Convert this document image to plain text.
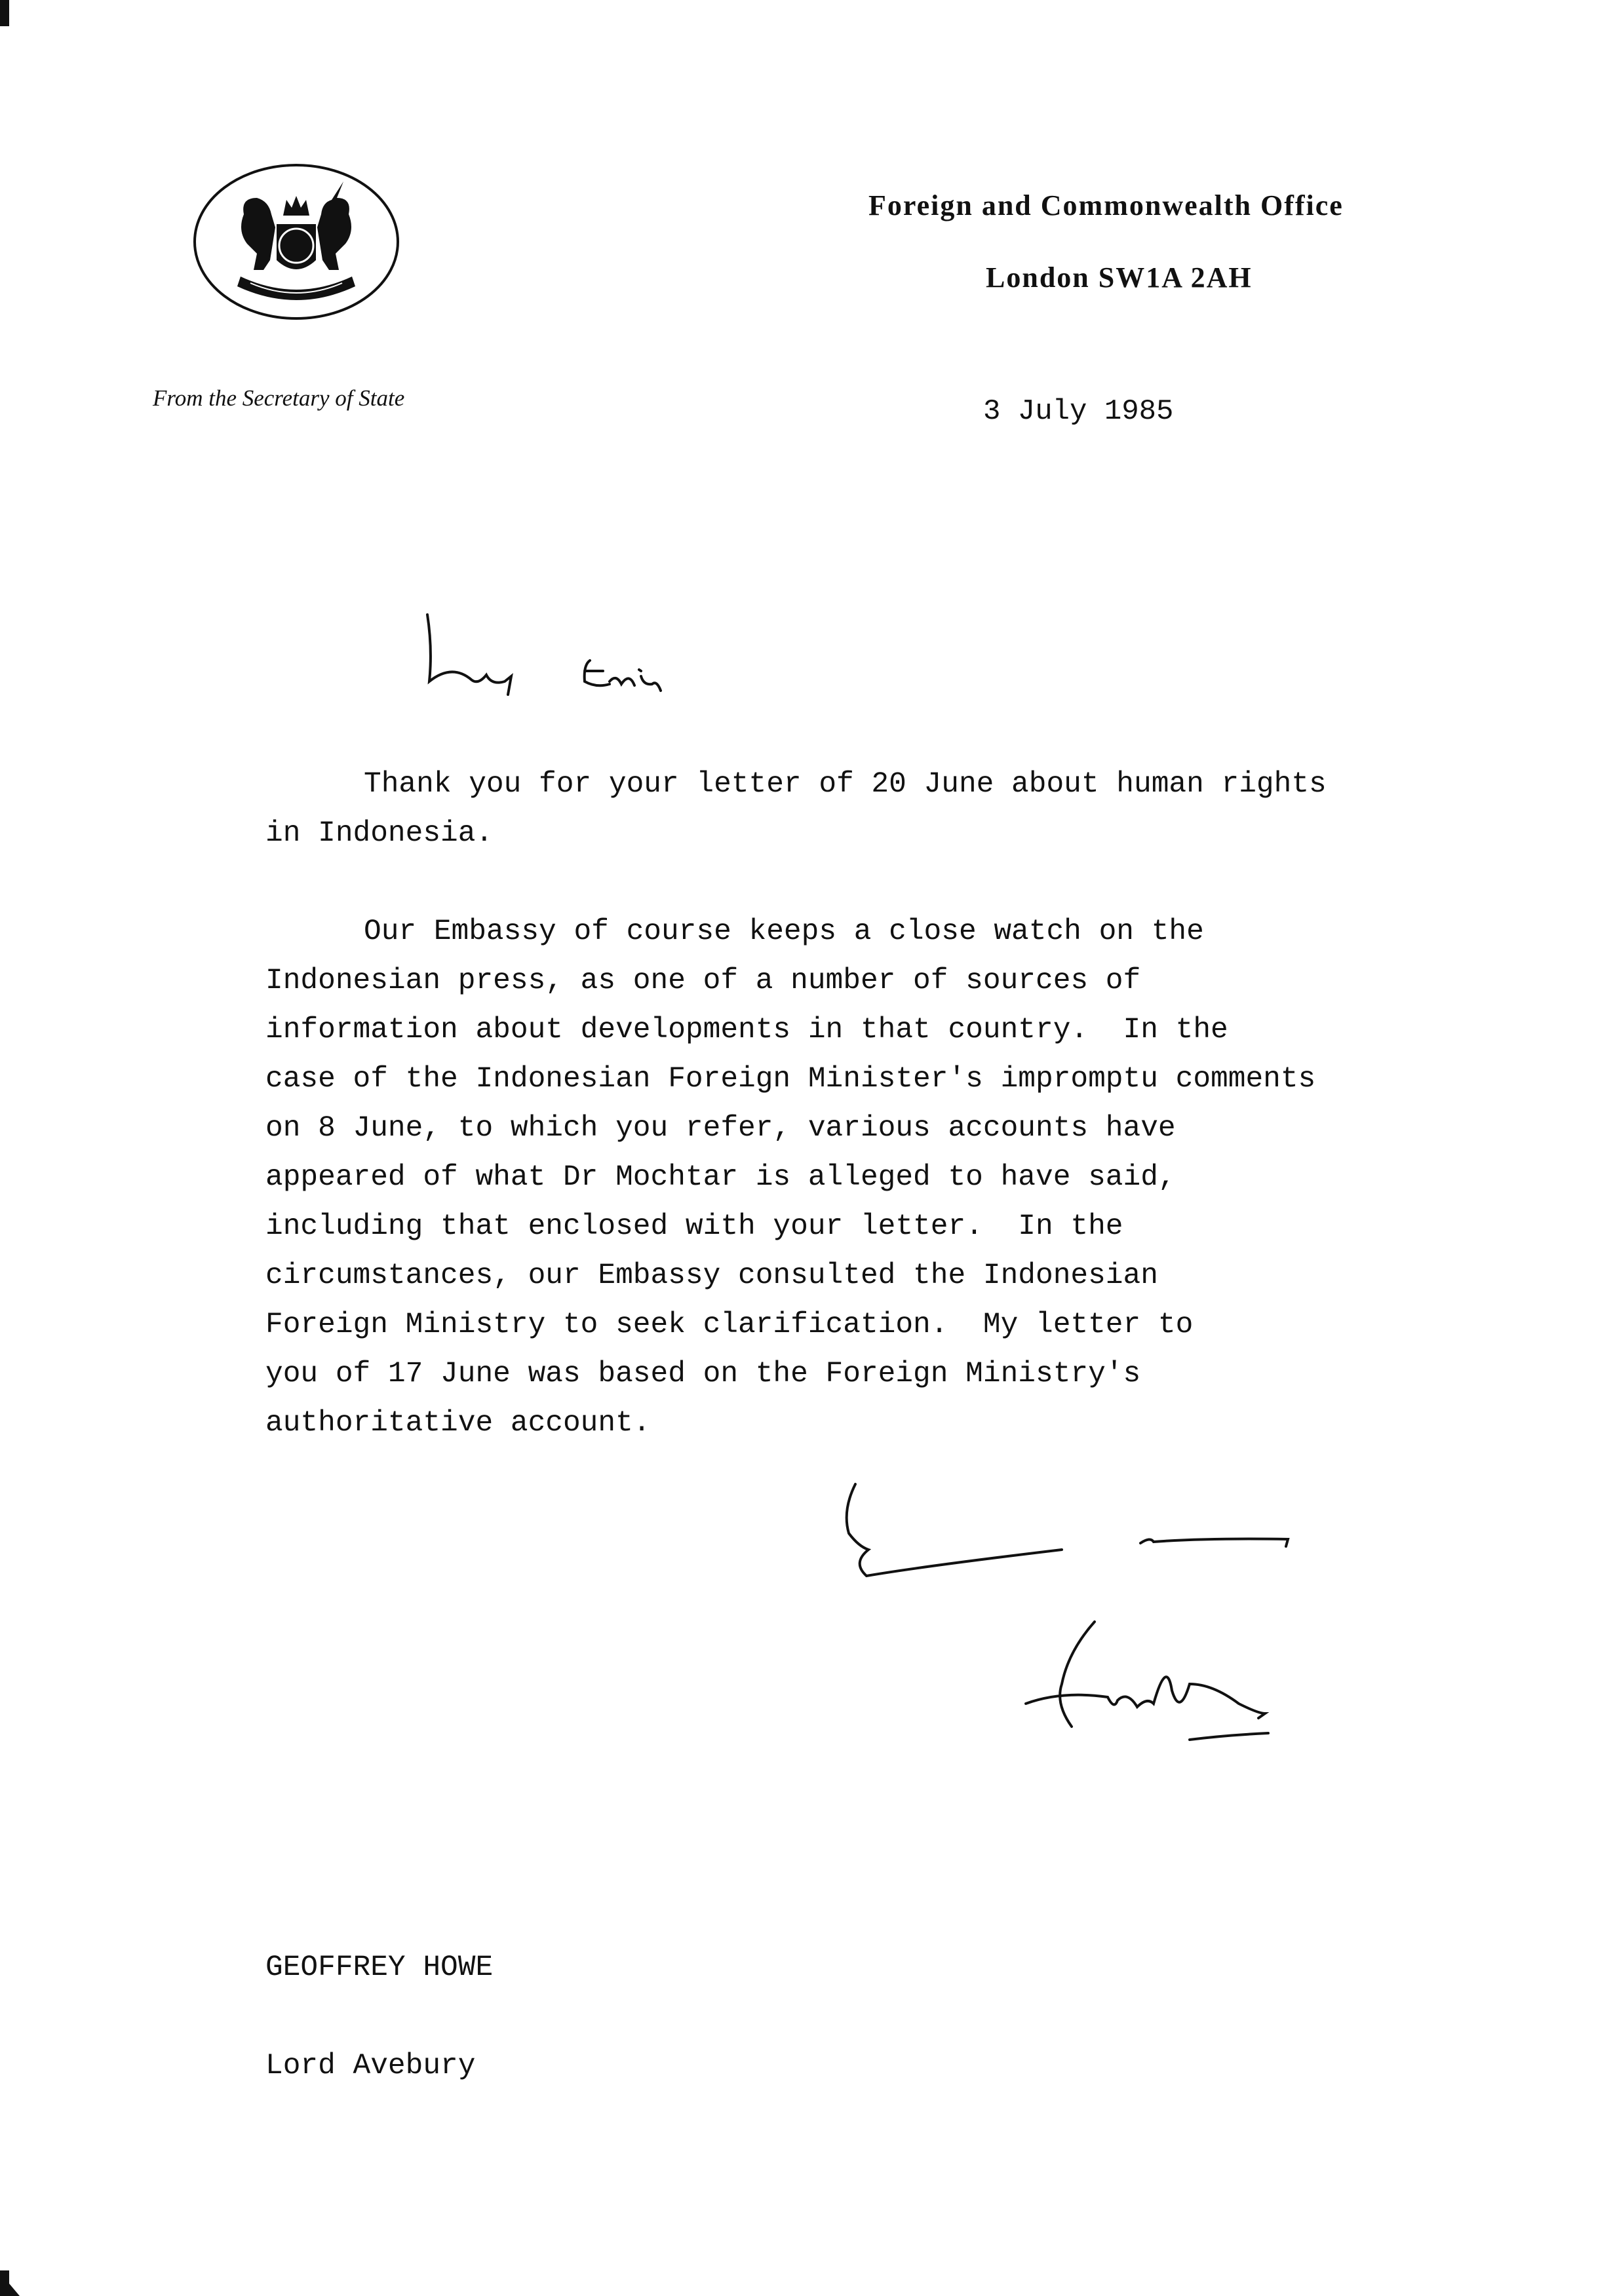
Foreign and Commonwealth Office
London SW1A 2AH
From the Secretary of State	3 July 1985
Thank you for your letter of 20 June about human rights
in Indonesia.
Our Embassy of course keeps a close watch on the
Indonesian press, as one of a number of sources of
information about developments in that country.  In the
case of the Indonesian Foreign Minister's impromptu comments
on 8 June, to which you refer, various accounts have
appeared of what Dr Mochtar is alleged to have said,
including that enclosed with your letter.  In the
circumstances, our Embassy consulted the Indonesian
Foreign Ministry to seek clarification.  My letter to
you of 17 June was based on the Foreign Ministry's
authoritative account.
GEOFFREY HOWE
Lord Avebury
